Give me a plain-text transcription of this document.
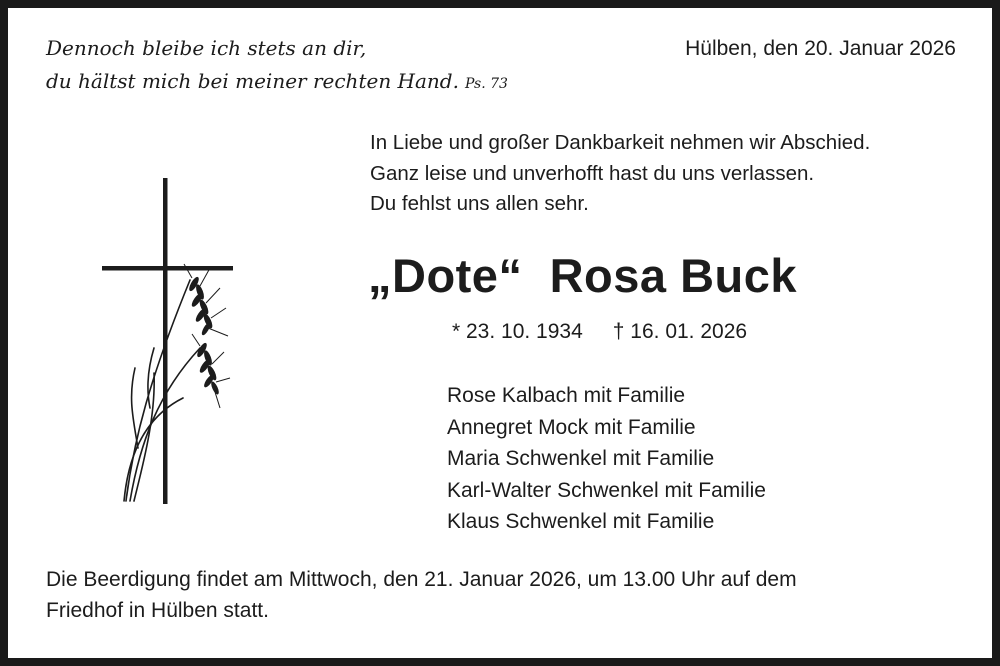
Dennoch bleibe ich stets an dir,
du hältst mich bei meiner rechten Hand. Ps. 73
Hülben, den 20. Januar 2026
In Liebe und großer Dankbarkeit nehmen wir Abschied.
Ganz leise und unverhofft hast du uns verlassen.
Du fehlst uns allen sehr.
„Dote“ Rosa Buck
* 23. 10. 1934 † 16. 01. 2026
Rose Kalbach mit Familie
Annegret Mock mit Familie
Maria Schwenkel mit Familie
Karl-Walter Schwenkel mit Familie
Klaus Schwenkel mit Familie
Die Beerdigung findet am Mittwoch, den 21. Januar 2026, um 13.00 Uhr auf dem
Friedhof in Hülben statt.
